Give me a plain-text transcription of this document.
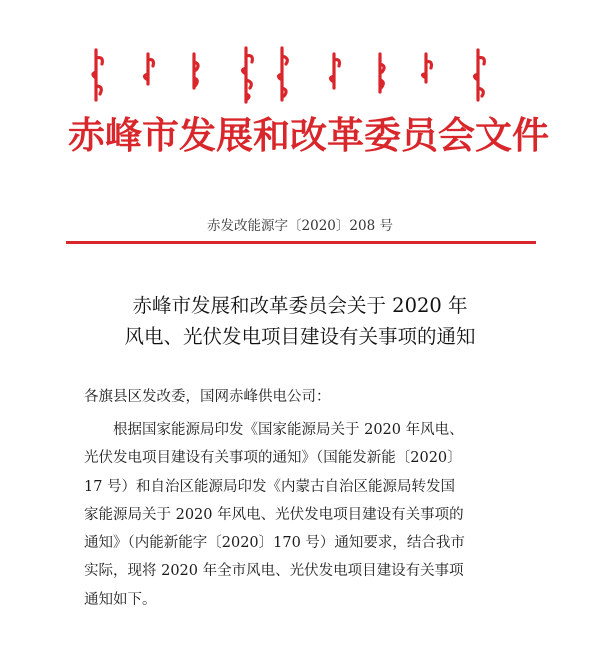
赤峰市发展和改革委员会文件
赤发改能源字〔2020〕208 号
赤峰市发展和改革委员会关于 2020 年
风电、光伏发电项目建设有关事项的通知
各旗县区发改委，国网赤峰供电公司：
根据国家能源局印发《国家能源局关于 2020 年风电、
光伏发电项目建设有关事项的通知》（国能发新能〔2020〕
17 号）和自治区能源局印发《内蒙古自治区能源局转发国
家能源局关于 2020 年风电、光伏发电项目建设有关事项的
通知》（内能新能字〔2020〕170 号）通知要求，结合我市
实际，现将 2020 年全市风电、光伏发电项目建设有关事项
通知如下。
